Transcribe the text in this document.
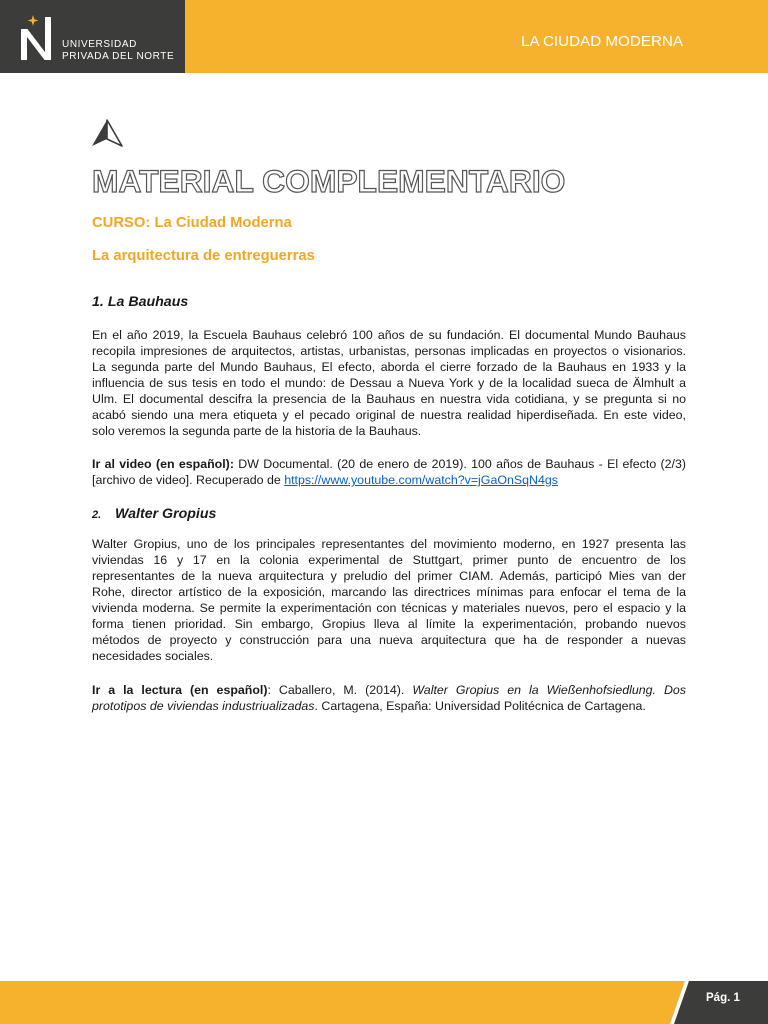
UNIVERSIDAD
PRIVADA DEL NORTE
LA CIUDAD MODERNA
MATERIAL COMPLEMENTARIO
CURSO: La Ciudad Moderna
La arquitectura de entreguerras
1. La Bauhaus
En el año 2019, la Escuela Bauhaus celebró 100 años de su fundación. El documental Mundo Bauhaus
recopila impresiones de arquitectos, artistas, urbanistas, personas implicadas en proyectos o visionarios.
La segunda parte del Mundo Bauhaus, El efecto, aborda el cierre forzado de la Bauhaus en 1933 y la
influencia de sus tesis en todo el mundo: de Dessau a Nueva York y de la localidad sueca de Älmhult a
Ulm. El documental descifra la presencia de la Bauhaus en nuestra vida cotidiana, y se pregunta si no
acabó siendo una mera etiqueta y el pecado original de nuestra realidad hiperdiseñada. En este video,
solo veremos la segunda parte de la historia de la Bauhaus.
Ir al video (en español): DW Documental. (20 de enero de 2019). 100 años de Bauhaus - El efecto (2/3)
[archivo de video]. Recuperado de https://www.youtube.com/watch?v=jGaOnSqN4gs
2. Walter Gropius
Walter Gropius, uno de los principales representantes del movimiento moderno, en 1927 presenta las
viviendas 16 y 17 en la colonia experimental de Stuttgart, primer punto de encuentro de los
representantes de la nueva arquitectura y preludio del primer CIAM. Además, participó Mies van der
Rohe, director artístico de la exposición, marcando las directrices mínimas para enfocar el tema de la
vivienda moderna. Se permite la experimentación con técnicas y materiales nuevos, pero el espacio y la
forma tienen prioridad. Sin embargo, Gropius lleva al límite la experimentación, probando nuevos
métodos de proyecto y construcción para una nueva arquitectura que ha de responder a nuevas
necesidades sociales.
Ir a la lectura (en español): Caballero, M. (2014). Walter Gropius en la Wießenhofsiedlung. Dos
prototipos de viviendas industriualizadas. Cartagena, España: Universidad Politécnica de Cartagena.
Pág. 1
